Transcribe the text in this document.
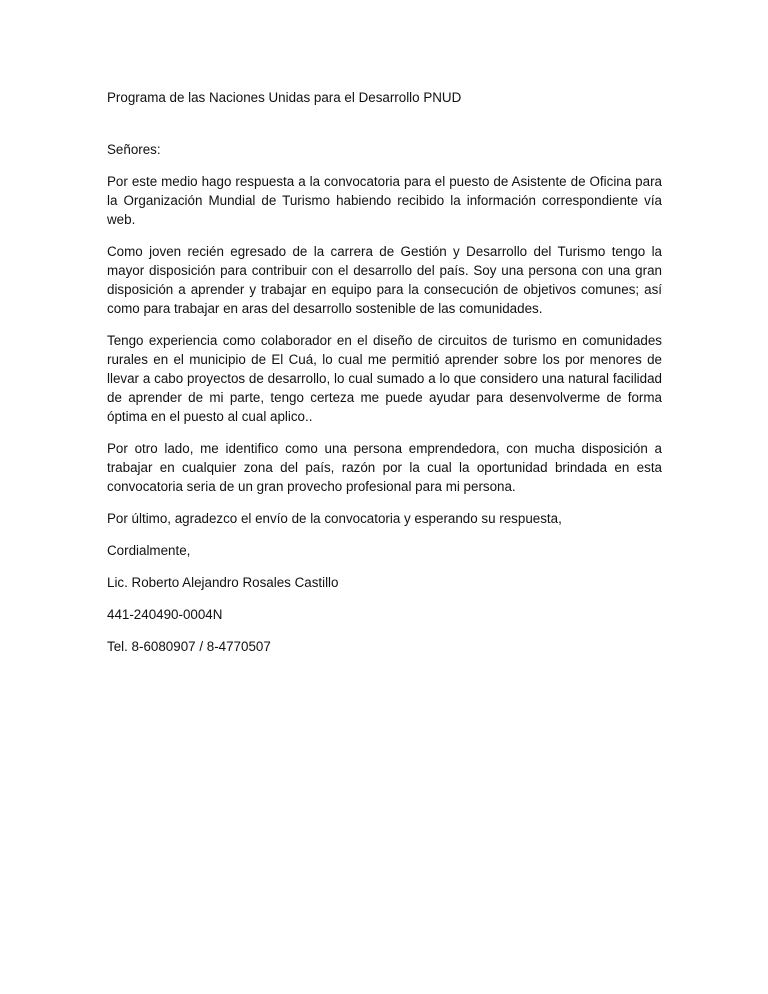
Programa de las Naciones Unidas para el Desarrollo PNUD

Señores:

Por este medio hago respuesta a la convocatoria para el puesto de Asistente de Oficina para la Organización Mundial de Turismo habiendo recibido la información correspondiente vía web.

Como joven recién egresado de la carrera de Gestión y Desarrollo del Turismo tengo la mayor disposición para contribuir con el desarrollo del país. Soy una persona con una gran disposición a aprender y trabajar en equipo para la consecución de objetivos comunes; así como para trabajar en aras del desarrollo sostenible de las comunidades.

Tengo experiencia como colaborador en el diseño de circuitos de turismo en comunidades rurales en el municipio de El Cuá, lo cual me permitió aprender sobre los por menores de llevar a cabo proyectos de desarrollo, lo cual sumado a lo que considero una natural facilidad de aprender de mi parte, tengo certeza me puede ayudar para desenvolverme de forma óptima en el puesto al cual aplico..

Por otro lado, me identifico como una persona emprendedora, con mucha disposición a trabajar en cualquier zona del país, razón por la cual la oportunidad brindada en esta convocatoria seria de un gran provecho profesional para mi persona.

Por último, agradezco el envío de la convocatoria y esperando su respuesta,

Cordialmente,

Lic. Roberto Alejandro Rosales Castillo

441-240490-0004N

Tel. 8-6080907 / 8-4770507
